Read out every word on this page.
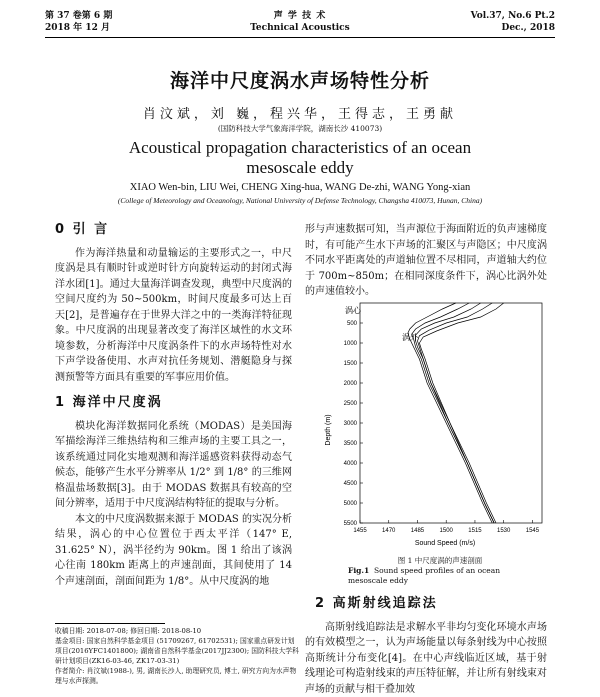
第 37 卷第 6 期
2018 年 12 月
声 学 技 术
Technical Acoustics
Vol.37, No.6 Pt.2
Dec., 2018
海洋中尺度涡水声场特性分析
肖汶斌，刘 巍，程兴华，王得志，王勇献
(国防科技大学气象海洋学院，湖南长沙 410073)
Acoustical propagation characteristics of an ocean mesoscale eddy
XIAO Wen-bin, LIU Wei, CHENG Xing-hua, WANG De-zhi, WANG Yong-xian
(College of Meteorology and Oceanology, National University of Defense Technology, Changsha 410073, Hunan, China)
0 引 言

作为海洋热量和动量输运的主要形式之一，中尺度涡是具有顺时针或逆时针方向旋转运动的封闭式海洋水团[1]。通过大量海洋调查发现，典型中尺度涡的空间尺度约为 50~500km，时间尺度最多可达上百天[2]，是普遍存在于世界大洋之中的一类海洋特征现象。中尺度涡的出现显著改变了海洋区域性的水文环境参数，分析海洋中尺度涡条件下的水声场特性对水下声学设备使用、水声对抗任务规划、潜艇隐身与探测预警等方面具有重要的军事应用价值。

1 海洋中尺度涡

模块化海洋数据同化系统（MODAS）是美国海军描绘海洋三维热结构和三维声场的主要工具之一，该系统通过同化实地观测和海洋遥感资料获得动态气候态，能够产生水平分辨率从 1/2° 到 1/8° 的三维网格温盐场数据[3]。由于 MODAS 数据具有较高的空间分辨率，适用于中尺度涡结构特征的提取与分析。

本文的中尺度涡数据来源于 MODAS 的实况分析结果，涡心的中心位置位于西太平洋（147° E, 31.625° N），涡半径约为 90km。图 1 给出了该涡心往南 180km 距离上的声速剖面，其间使用了 14 个声速剖面，剖面间距为 1/8°。从中尺度涡的地

收稿日期: 2018-07-08; 修回日期: 2018-08-10
基金项目: 国家自然科学基金项目 (51709267, 61702531); 国家重点研发计划项目(2016YFC1401800); 湖南省自然科学基金(2017JJ2300); 国防科技大学科研计划项目(ZK16-03-46, ZK17-03-31)
作者简介: 肖汶斌(1988-), 男, 湖南长沙人, 助理研究员, 博士, 研究方向为水声物理与水声探测。

形与声速数据可知，当声源位于海面附近的负声速梯度时，有可能产生水下声场的汇聚区与声隐区；中尺度涡不同水平距离处的声道轴位置不尽相同，声道轴大约位于 700m~850m；在相同深度条件下，涡心比涡外处的声速值较小。

1455	1470	1485	1500	1515	1530	1545
500
1000
1500
2000
2500
3000
3500
4000
4500
5000
5500
涡心
涡外
Depth (m)
Sound Speed (m/s)
图 1 中尺度涡的声速剖面
Fig.1 Sound speed profiles of an ocean mesoscale eddy
2 高斯射线追踪法

高斯射线追踪法是求解水平非均匀变化环境水声场的有效模型之一，认为声场能量以每条射线为中心按照高斯统计分布变化[4]。在中心声线临近区域，基于射线理论可构造射线束的声压特征解，并让所有射线束对声场的贡献与相干叠加效
